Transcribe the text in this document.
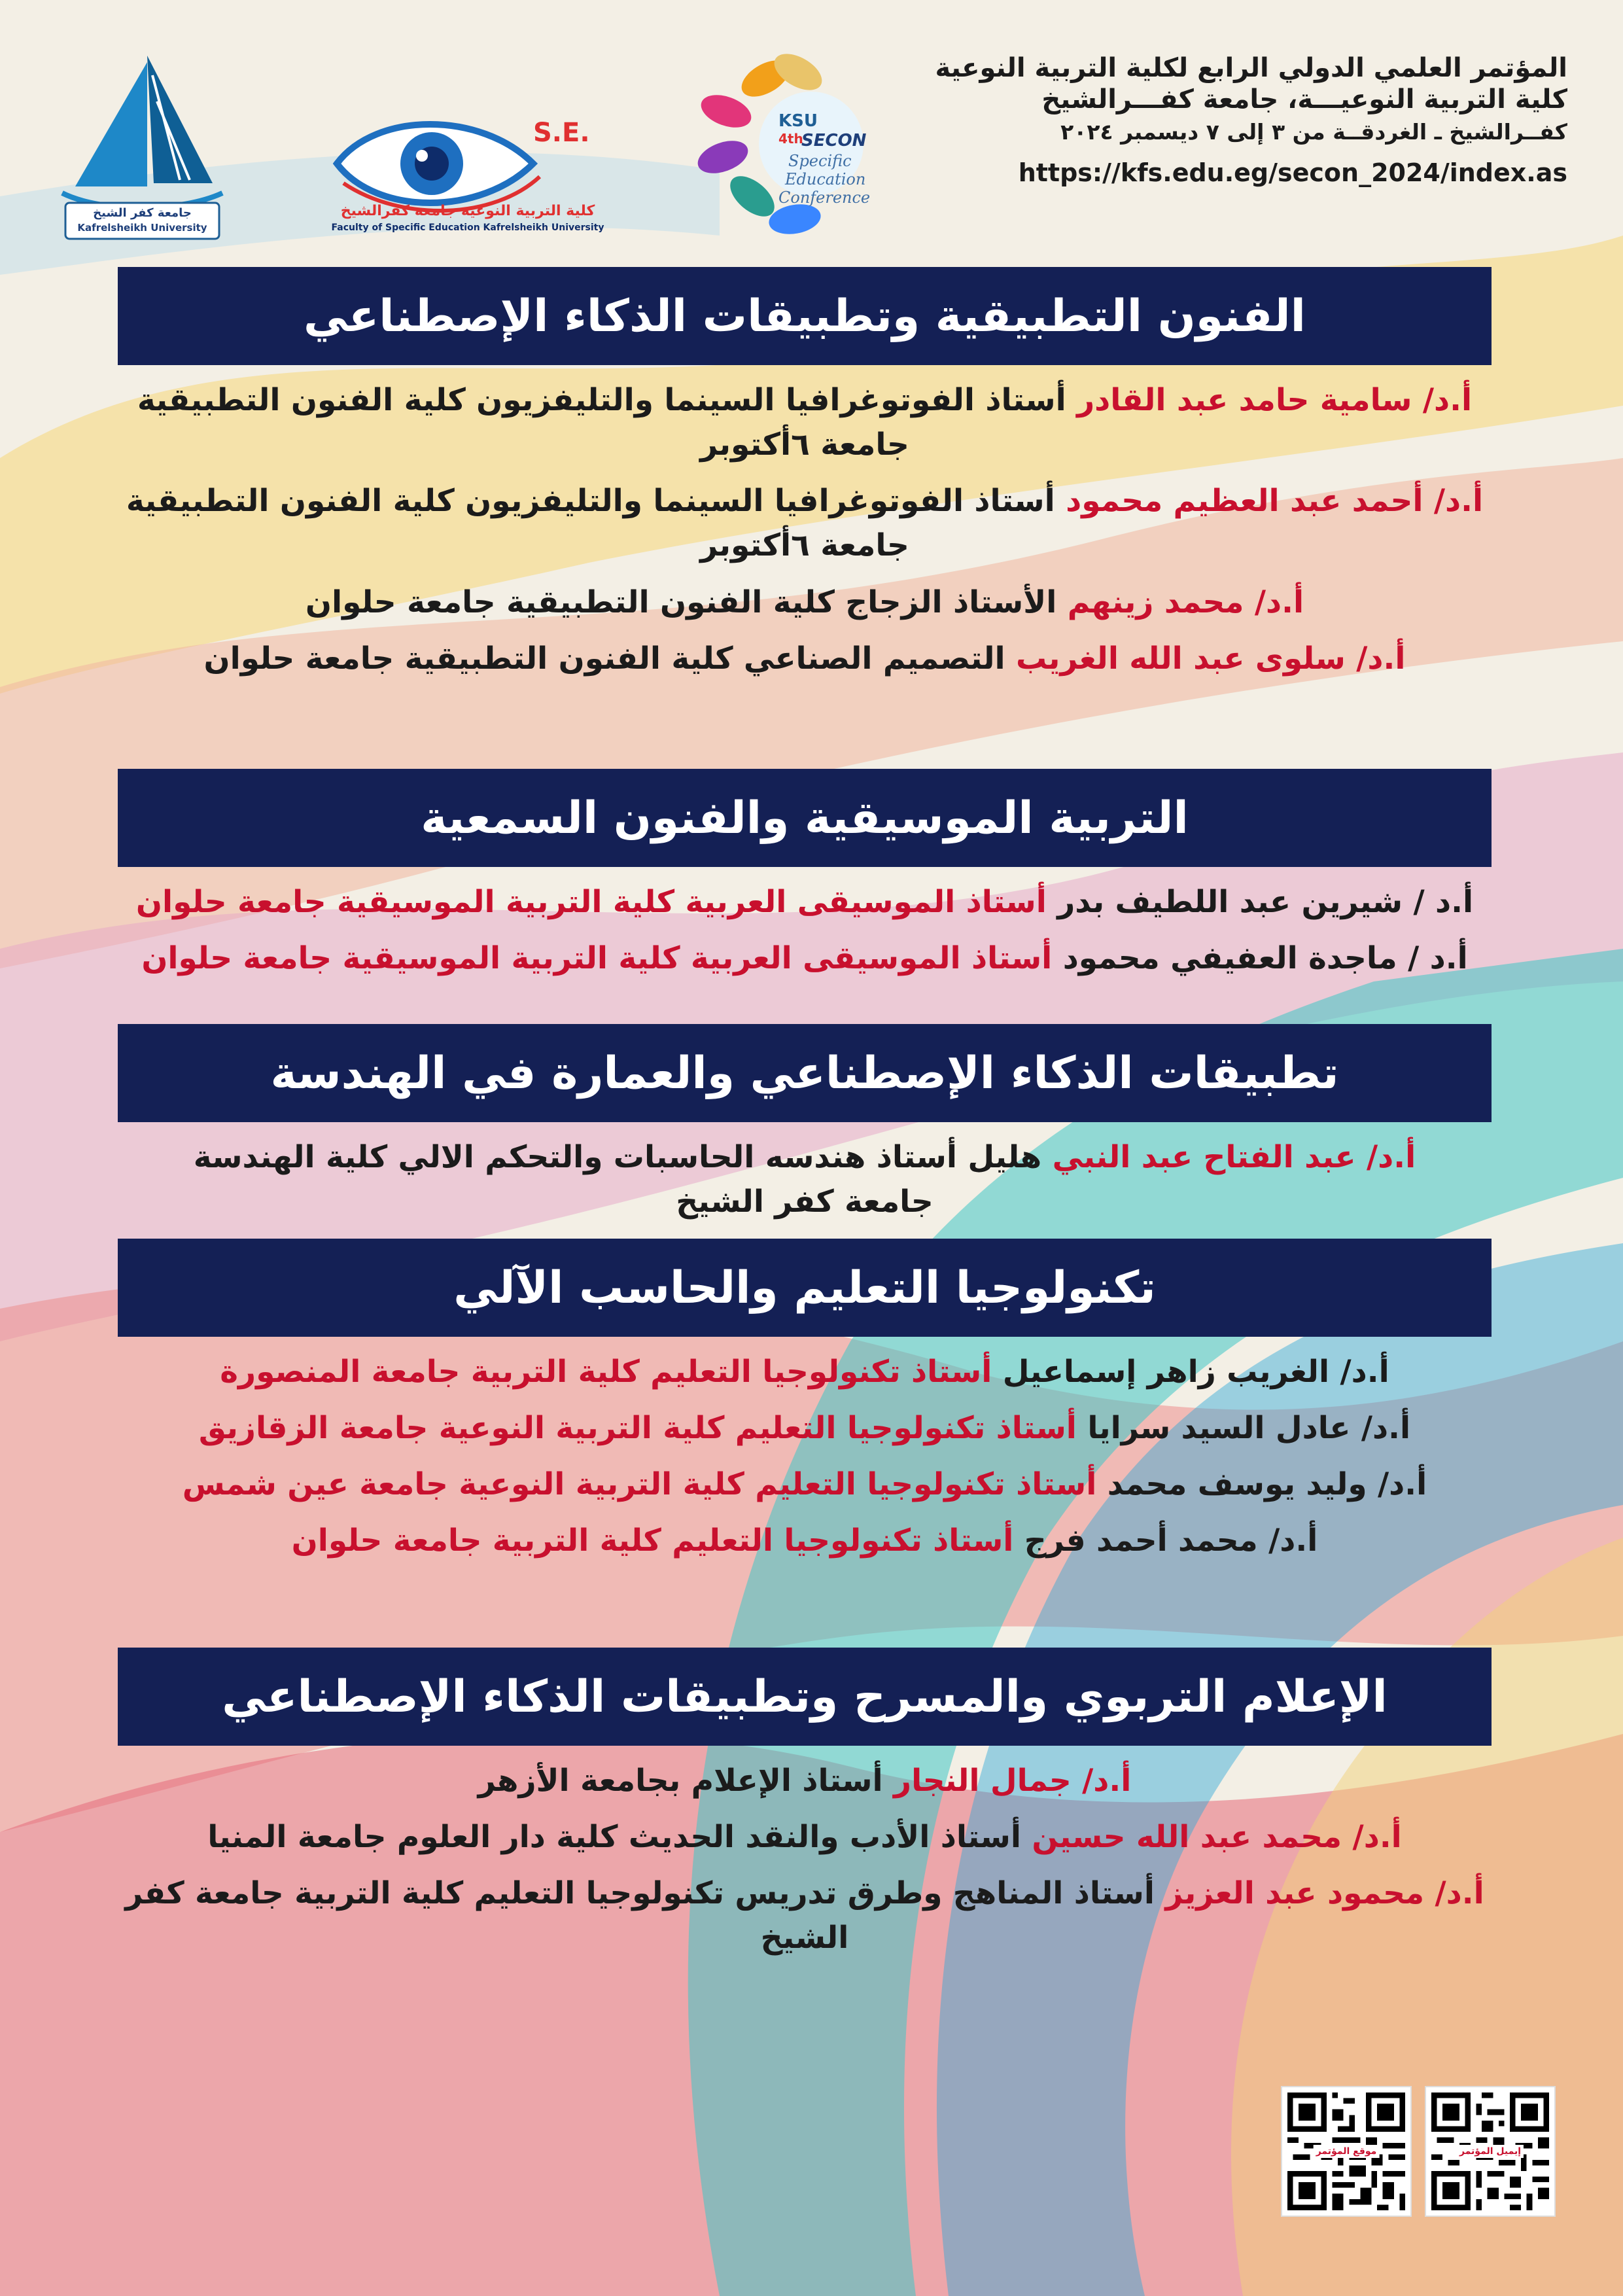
جامعة كفر الشيخ
Kafrelsheikh University
S.E.
كلية التربية النوعية جامعة كفرالشيخ
Faculty of Specific Education Kafrelsheikh University
KSU
4th
SECON
Specific
Education
Conference
المؤتمر العلمي الدولي الرابع لكلية التربية النوعية
كلية التربية النوعيـــة، جامعة كفـــرالشيخ
كفــرالشيخ ـ الغردقــة من ٣ إلى ٧ ديسمبر ٢٠٢٤
https://kfs.edu.eg/secon_2024/index.as
الفنون التطبيقية وتطبيقات الذكاء الإصطناعي
أ.د/ سامية حامد عبد القادر أستاذ الفوتوغرافيا السينما والتليفزيون كلية الفنون التطبيقية جامعة ٦أكتوبر
أ.د/ أحمد عبد العظيم محمود أستاذ الفوتوغرافيا السينما والتليفزيون كلية الفنون التطبيقية جامعة ٦أكتوبر
أ.د/ محمد زينهم الأستاذ الزجاج كلية الفنون التطبيقية جامعة حلوان
أ.د/ سلوى عبد الله الغريب التصميم الصناعي كلية الفنون التطبيقية جامعة حلوان
التربية الموسيقية والفنون السمعية
أ.د / شيرين عبد اللطيف بدر أستاذ الموسيقى العربية كلية التربية الموسيقية جامعة حلوان
أ.د / ماجدة العفيفي محمود أستاذ الموسيقى العربية كلية التربية الموسيقية جامعة حلوان
تطبيقات الذكاء الإصطناعي والعمارة في الهندسة
أ.د/ عبد الفتاح عبد النبي هليل أستاذ هندسه الحاسبات والتحكم الالي كلية الهندسة جامعة كفر الشيخ
تكنولوجيا التعليم والحاسب الآلي
أ.د/ الغريب زاهر إسماعيل أستاذ تكنولوجيا التعليم كلية التربية جامعة المنصورة
أ.د/ عادل السيد سرايا أستاذ تكنولوجيا التعليم كلية التربية النوعية جامعة الزقازيق
أ.د/ وليد يوسف محمد أستاذ تكنولوجيا التعليم كلية التربية النوعية جامعة عين شمس
أ.د/ محمد أحمد فرج أستاذ تكنولوجيا التعليم كلية التربية جامعة حلوان
الإعلام التربوي والمسرح وتطبيقات الذكاء الإصطناعي
أ.د/ جمال النجار أستاذ الإعلام بجامعة الأزهر
أ.د/ محمد عبد الله حسين أستاذ الأدب والنقد الحديث كلية دار العلوم جامعة المنيا
أ.د/ محمود عبد العزيز أستاذ المناهج وطرق تدريس تكنولوجيا التعليم كلية التربية جامعة كفر الشيخ
موقع المؤتمر	إيميل المؤتمر
